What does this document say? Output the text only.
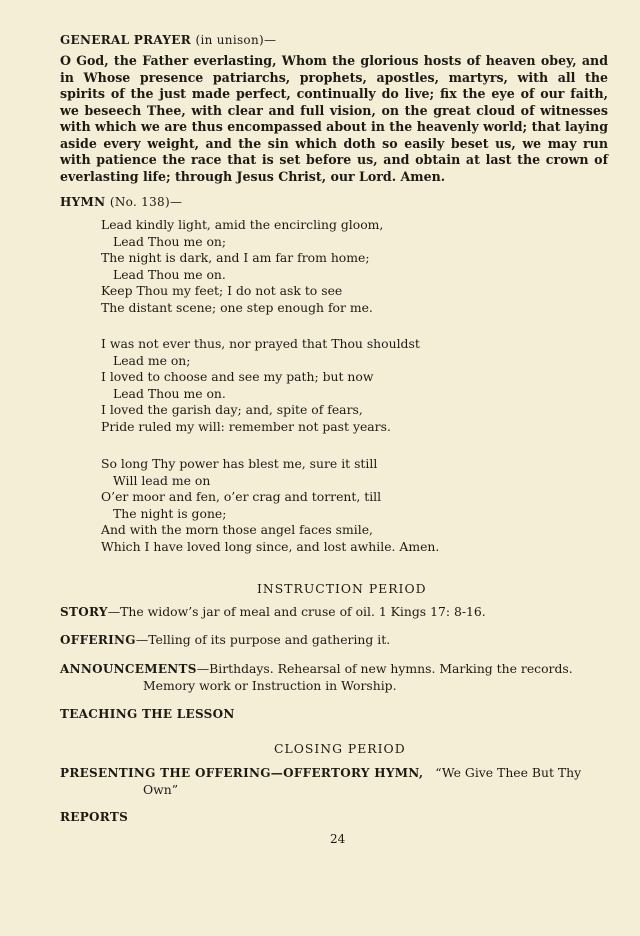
GENERAL PRAYER (in unison)—

O God, the Father everlasting, Whom the glorious hosts of heaven obey, and in Whose presence patriarchs, prophets, apostles, martyrs, with all the spirits of the just made perfect, continually do live; fix the eye of our faith, we beseech Thee, with clear and full vision, on the great cloud of witnesses with which we are thus encompassed about in the heavenly world; that laying aside every weight, and the sin which doth so easily beset us, we may run with patience the race that is set before us, and obtain at last the crown of everlasting life; through Jesus Christ, our Lord. Amen.

HYMN (No. 138)—

Lead kindly light, amid the encircling gloom,
Lead Thou me on;
The night is dark, and I am far from home;
Lead Thou me on.
Keep Thou my feet; I do not ask to see
The distant scene; one step enough for me.
I was not ever thus, nor prayed that Thou shouldst
Lead me on;
I loved to choose and see my path; but now
Lead Thou me on.
I loved the garish day; and, spite of fears,
Pride ruled my will: remember not past years.
So long Thy power has blest me, sure it still
Will lead me on
O’er moor and fen, o’er crag and torrent, till
The night is gone;
And with the morn those angel faces smile,
Which I have loved long since, and lost awhile. Amen.

INSTRUCTION PERIOD

STORY—The widow’s jar of meal and cruse of oil. 1 Kings 17: 8-16.

OFFERING—Telling of its purpose and gathering it.

ANNOUNCEMENTS—Birthdays. Rehearsal of new hymns. Marking the records.

Memory work or Instruction in Worship.

TEACHING THE LESSON

CLOSING PERIOD

PRESENTING THE OFFERING—OFFERTORY HYMN, “We Give Thee But Thy

Own”

REPORTS

24
